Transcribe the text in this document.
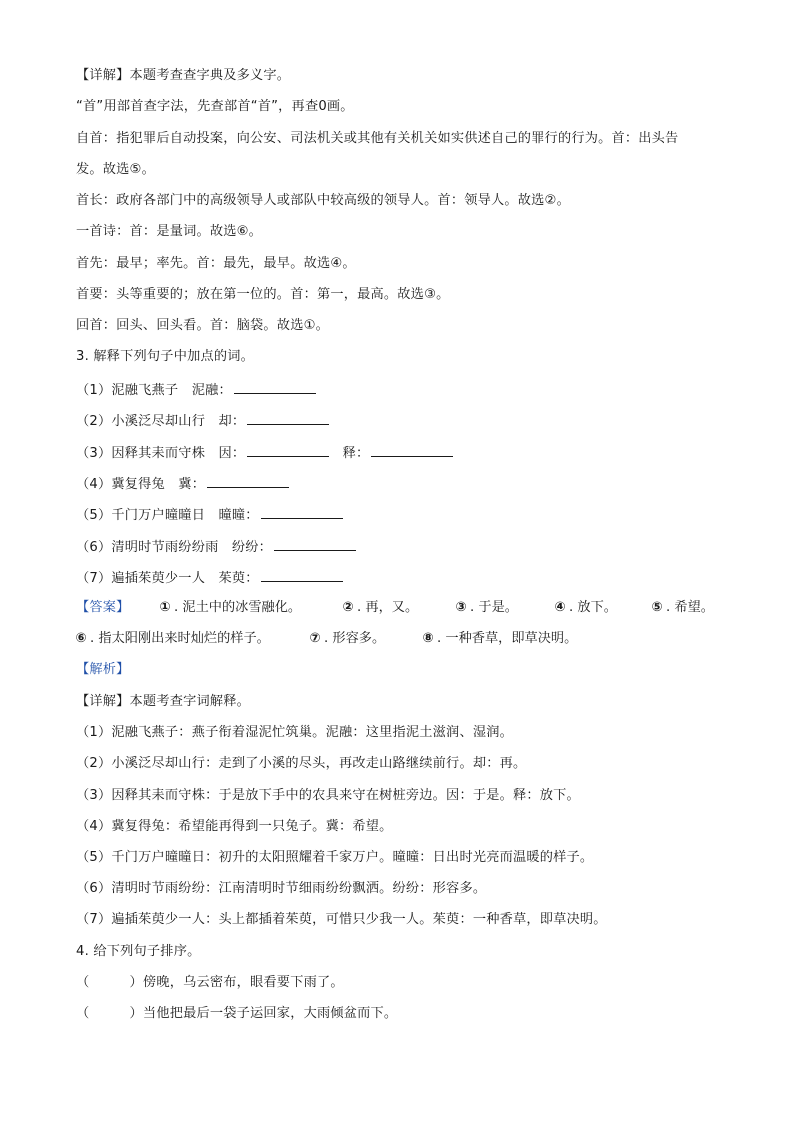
【详解】本题考查查字典及多义字。
“首”用部首查字法，先查部首“首”，再查0画。
自首：指犯罪后自动投案，向公安、司法机关或其他有关机关如实供述自己的罪行的行为。首：出头告
发。故选⑤。
首长：政府各部门中的高级领导人或部队中较高级的领导人。首：领导人。故选②。
一首诗：首：是量词。故选⑥。
首先：最早；率先。首：最先，最早。故选④。
首要：头等重要的；放在第一位的。首：第一，最高。故选③。
回首：回头、回头看。首：脑袋。故选①。
3. 解释下列句子中加点的词。
（1）泥融飞燕子　泥融：
（2）小溪泛尽却山行　却：
（3）因释其耒而守株　因：	　释：
（4）冀复得兔　冀：
（5）千门万户曈曈日　曈曈：
（6）清明时节雨纷纷雨　纷纷：
（7）遍插茱萸少一人　茱萸：
【答案】 ① . 泥土中的冰雪融化。	② . 再，又。	③ . 于是。	④ . 放下。	⑤ . 希望。
⑥ . 指太阳刚出来时灿烂的样子。	⑦ . 形容多。	⑧ . 一种香草，即草决明。
【解析】
【详解】本题考查字词解释。
（1）泥融飞燕子：燕子衔着湿泥忙筑巢。泥融：这里指泥土滋润、湿润。
（2）小溪泛尽却山行：走到了小溪的尽头，再改走山路继续前行。却：再。
（3）因释其耒而守株：于是放下手中的农具来守在树桩旁边。因：于是。释：放下。
（4）冀复得兔：希望能再得到一只兔子。冀：希望。
（5）千门万户曈曈日：初升的太阳照耀着千家万户。曈曈：日出时光亮而温暖的样子。
（6）清明时节雨纷纷：江南清明时节细雨纷纷飘洒。纷纷：形容多。
（7）遍插茱萸少一人：头上都插着茱萸，可惜只少我一人。茱萸：一种香草，即草决明。
4. 给下列句子排序。
（　　　）傍晚，乌云密布，眼看要下雨了。
（　　　）当他把最后一袋子运回家，大雨倾盆而下。
